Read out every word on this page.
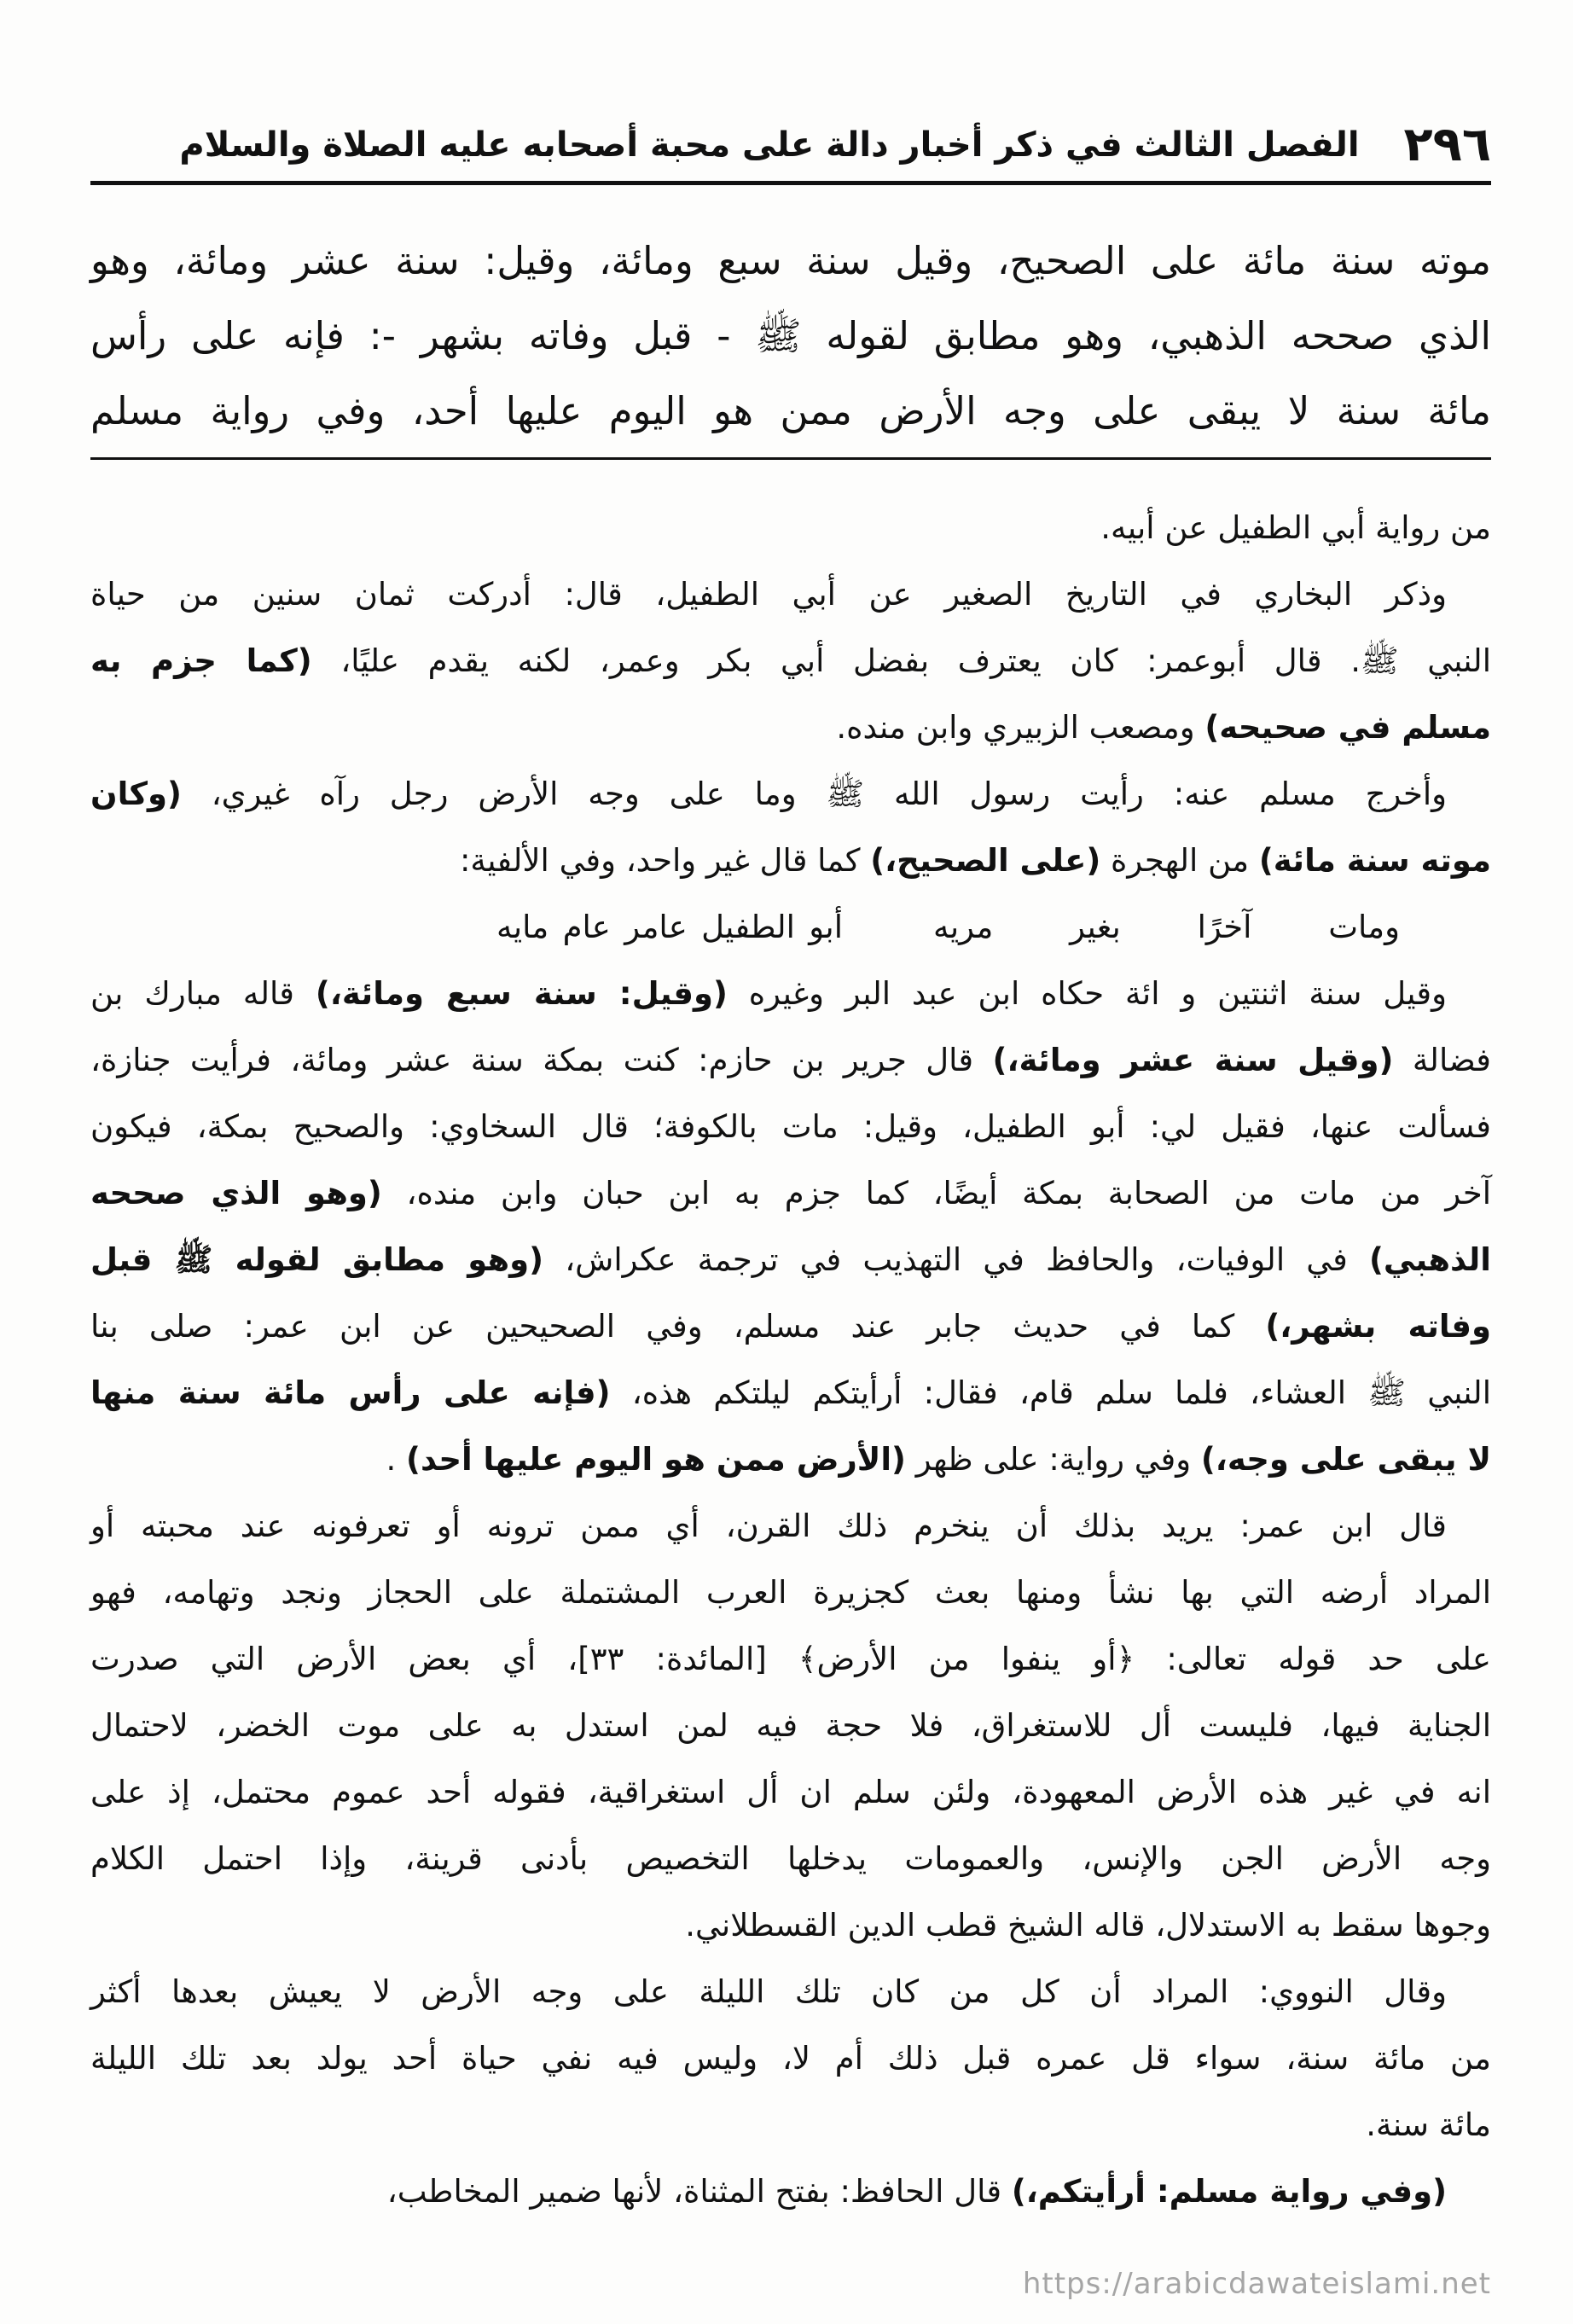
٢٩٦
الفصل الثالث في ذكر أخبار دالة على محبة أصحابه عليه الصلاة والسلام
موته سنة مائة على الصحيح، وقيل سنة سبع ومائة، وقيل: سنة عشر ومائة، وهو
الذي صححه الذهبي، وهو مطابق لقوله ﷺ - قبل وفاته بشهر -: فإنه على رأس
مائة سنة لا يبقى على وجه الأرض ممن هو اليوم عليها أحد، وفي رواية مسلم
من رواية أبي الطفيل عن أبيه.
وذكر البخاري في التاريخ الصغير عن أبي الطفيل، قال: أدركت ثمان سنين من حياة
النبي ﷺ. قال أبوعمر: كان يعترف بفضل أبي بكر وعمر، لكنه يقدم عليًا، (كما جزم به
مسلم في صحيحه) ومصعب الزبيري وابن منده.
وأخرج مسلم عنه: رأيت رسول الله ﷺ وما على وجه الأرض رجل رآه غيري، (وكان
موته سنة مائة) من الهجرة (على الصحيح،) كما قال غير واحد، وفي الألفية:
ومات آخرًا بغير مريه
أبو الطفيل عامر عام مايه
وقيل سنة اثنتين و ائة حكاه ابن عبد البر وغيره (وقيل: سنة سبع ومائة،) قاله مبارك بن
فضالة (وقيل سنة عشر ومائة،) قال جرير بن حازم: كنت بمكة سنة عشر ومائة، فرأيت جنازة،
فسألت عنها، فقيل لي: أبو الطفيل، وقيل: مات بالكوفة؛ قال السخاوي: والصحيح بمكة، فيكون
آخر من مات من الصحابة بمكة أيضًا، كما جزم به ابن حبان وابن منده، (وهو الذي صححه
الذهبي) في الوفيات، والحافظ في التهذيب في ترجمة عكراش، (وهو مطابق لقوله ﷺ قبل
وفاته بشهر،) كما في حديث جابر عند مسلم، وفي الصحيحين عن ابن عمر: صلى بنا
النبي ﷺ العشاء، فلما سلم قام، فقال: أرأيتكم ليلتكم هذه، (فإنه على رأس مائة سنة منها
لا يبقى على وجه،) وفي رواية: على ظهر (الأرض ممن هو اليوم عليها أحد) .
قال ابن عمر: يريد بذلك أن ينخرم ذلك القرن، أي ممن ترونه أو تعرفونه عند محبته أو
المراد أرضه التي بها نشأ ومنها بعث كجزيرة العرب المشتملة على الحجاز ونجد وتهامه، فهو
على حد قوله تعالى: ﴿أو ينفوا من الأرض﴾ [المائدة: ٣٣]، أي بعض الأرض التي صدرت
الجناية فيها، فليست أل للاستغراق، فلا حجة فيه لمن استدل به على موت الخضر، لاحتمال
انه في غير هذه الأرض المعهودة، ولئن سلم ان أل استغراقية، فقوله أحد عموم محتمل، إذ على
وجه الأرض الجن والإنس، والعمومات يدخلها التخصيص بأدنى قرينة، وإذا احتمل الكلام
وجوها سقط به الاستدلال، قاله الشيخ قطب الدين القسطلاني.
وقال النووي: المراد أن كل من كان تلك الليلة على وجه الأرض لا يعيش بعدها أكثر
من مائة سنة، سواء قل عمره قبل ذلك أم لا، وليس فيه نفي حياة أحد يولد بعد تلك الليلة
مائة سنة.
(وفي رواية مسلم: أرأيتكم،) قال الحافظ: بفتح المثناة، لأنها ضمير المخاطب،
https://arabicdawateislami.net
